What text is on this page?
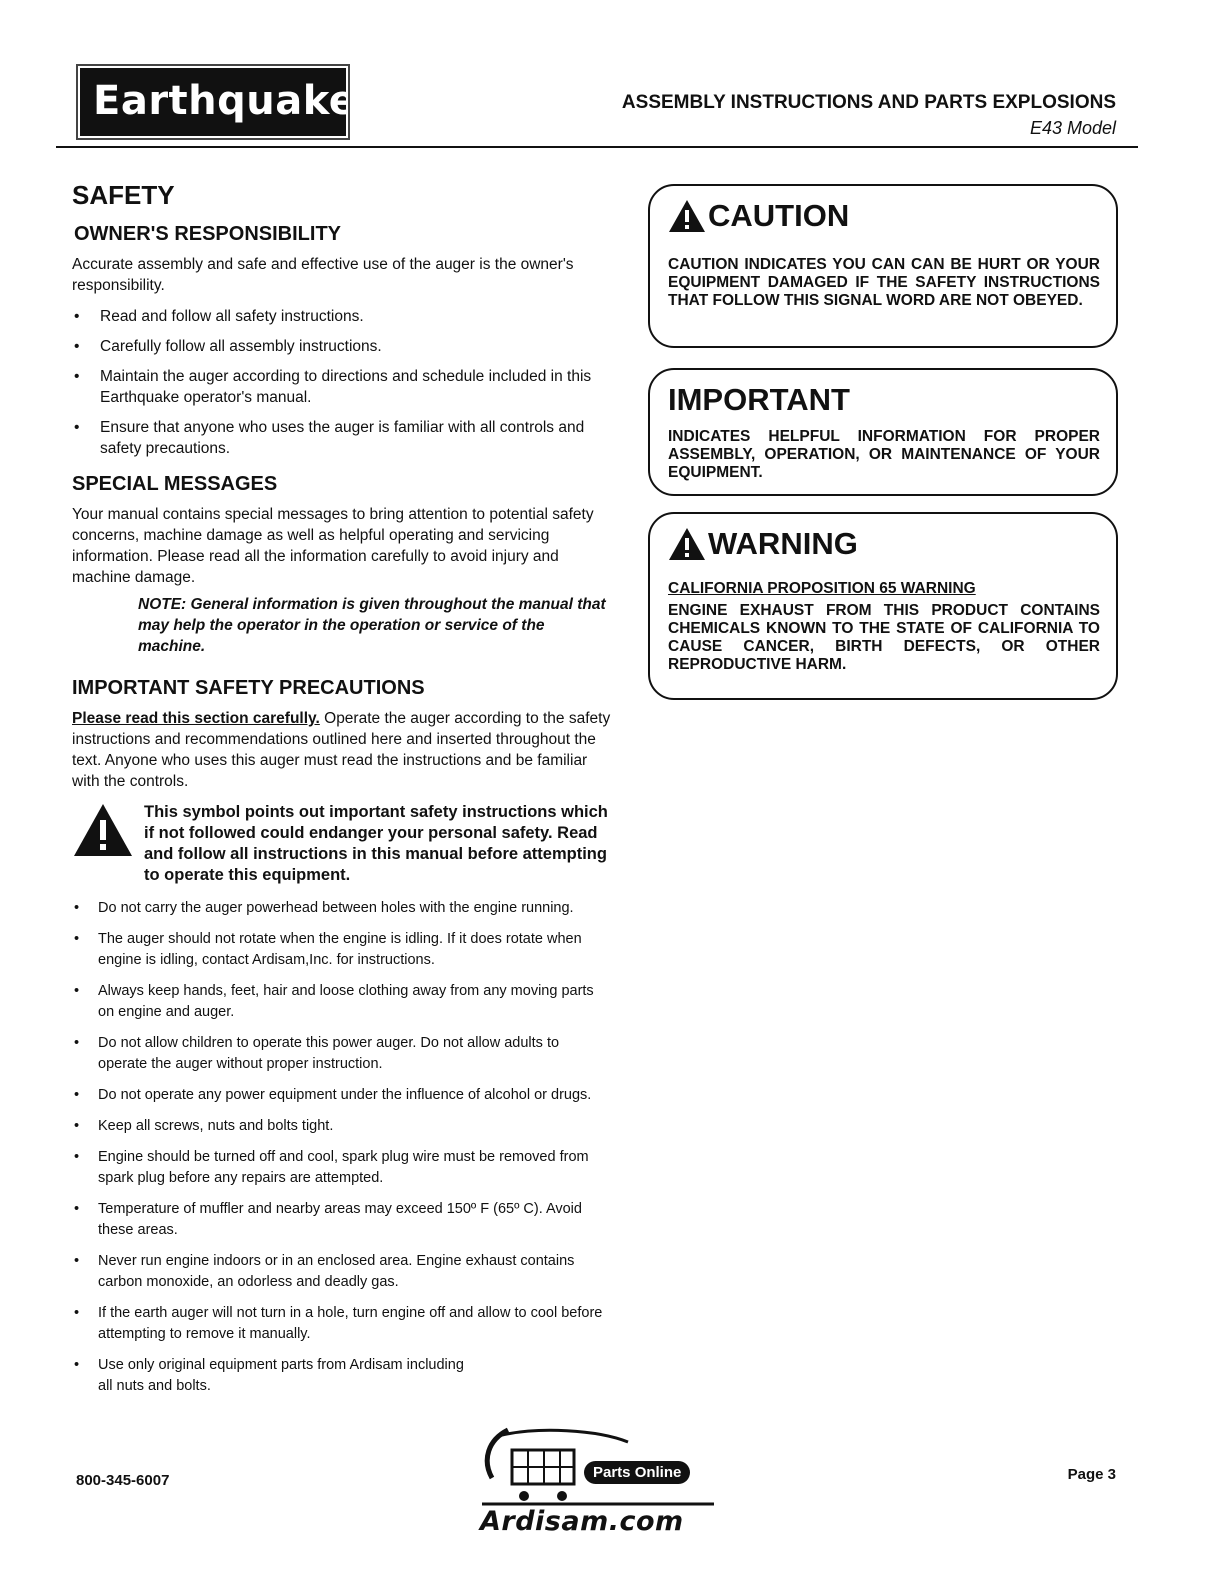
Earthquake	ASSEMBLY INSTRUCTIONS AND PARTS EXPLOSIONS
E43 Model
SAFETY
OWNER'S RESPONSIBILITY

Accurate assembly and safe and effective use of the auger is the owner's responsibility.

• Read and follow all safety instructions.
• Carefully follow all assembly instructions.
• Maintain the auger according to directions and schedule included in this Earthquake operator's manual.
• Ensure that anyone who uses the auger is familiar with all controls and safety precautions.
SPECIAL MESSAGES

Your manual contains special messages to bring attention to potential safety concerns, machine damage as well as helpful operating and servicing information. Please read all the information carefully to avoid injury and machine damage.

NOTE: General information is given throughout the manual that may help the operator in the operation or service of the machine.

IMPORTANT SAFETY PRECAUTIONS

Please read this section carefully. Operate the auger according to the safety instructions and recommendations outlined here and inserted throughout the text. Anyone who uses this auger must read the instructions and be familiar with the controls.

This symbol points out important safety instructions which if not followed could endanger your personal safety. Read and follow all instructions in this manual before attempting to operate this equipment.
• Do not carry the auger powerhead between holes with the engine running.
• The auger should not rotate when the engine is idling. If it does rotate when engine is idling, contact Ardisam,Inc. for instructions.
• Always keep hands, feet, hair and loose clothing away from any moving parts on engine and auger.
• Do not allow children to operate this power auger. Do not allow adults to operate the auger without proper instruction.
• Do not operate any power equipment under the influence of alcohol or drugs.
• Keep all screws, nuts and bolts tight.
• Engine should be turned off and cool, spark plug wire must be removed from spark plug before any repairs are attempted.
• Temperature of muffler and nearby areas may exceed 150º F (65º C). Avoid these areas.
• Never run engine indoors or in an enclosed area. Engine exhaust contains carbon monoxide, an odorless and deadly gas.
• If the earth auger will not turn in a hole, turn engine off and allow to cool before attempting to remove it manually.
• Use only original equipment parts from Ardisam including all nuts and bolts.
CAUTION
CAUTION INDICATES YOU CAN CAN BE HURT OR YOUR EQUIPMENT DAMAGED IF THE SAFETY INSTRUCTIONS THAT FOLLOW THIS SIGNAL WORD ARE NOT OBEYED.
IMPORTANT
INDICATES HELPFUL INFORMATION FOR PROPER ASSEMBLY, OPERATION, OR MAINTENANCE OF YOUR EQUIPMENT.
WARNING
CALIFORNIA PROPOSITION 65 WARNING
ENGINE EXHAUST FROM THIS PRODUCT CONTAINS CHEMICALS KNOWN TO THE STATE OF CALIFORNIA TO CAUSE CANCER, BIRTH DEFECTS, OR OTHER REPRODUCTIVE HARM.
800-345-6007	Parts Online
Ardisam.com
Page 3
